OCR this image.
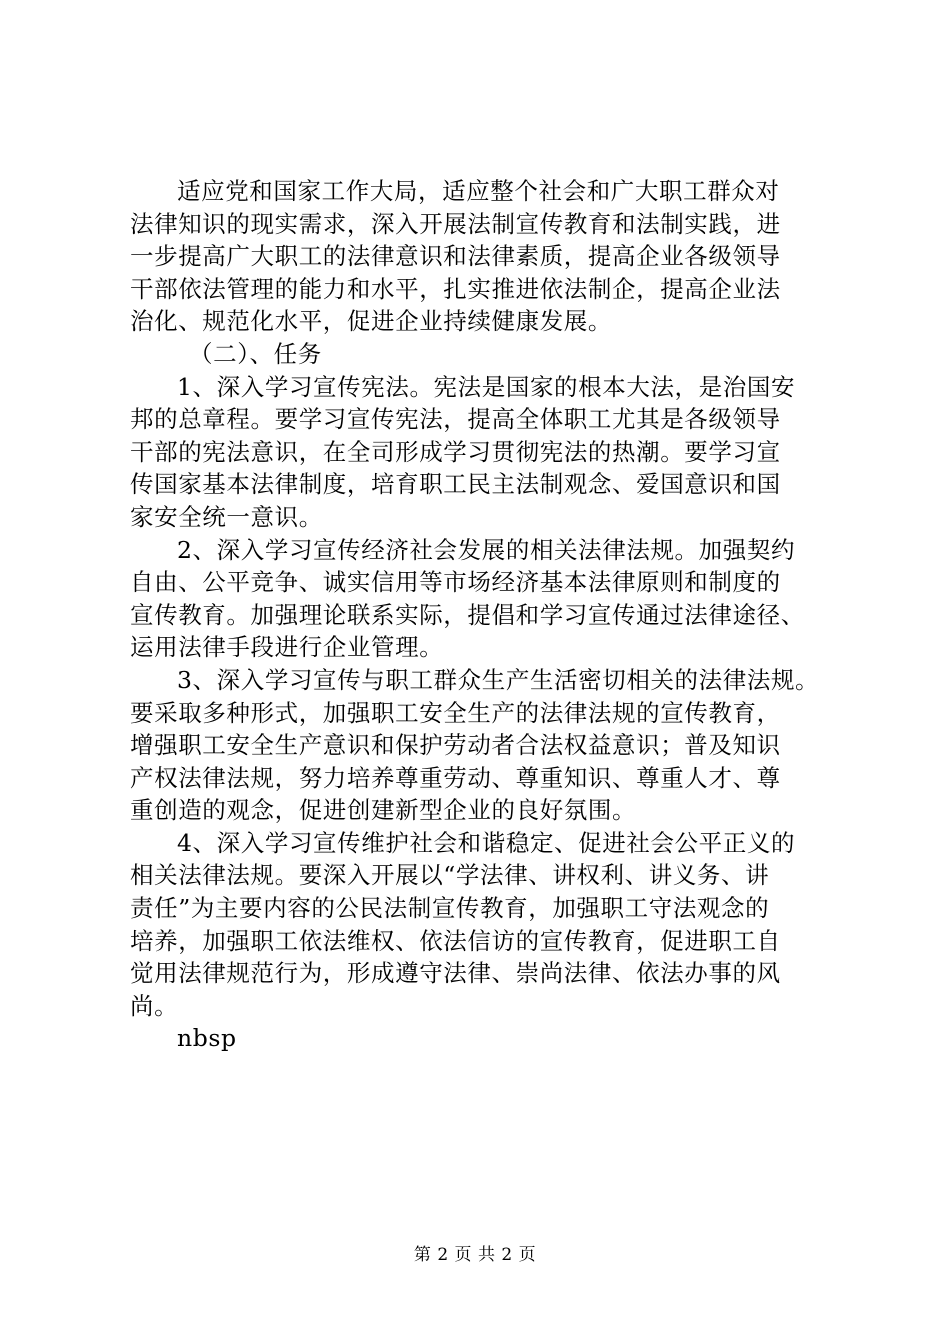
适应党和国家工作大局，适应整个社会和广大职工群众对
法律知识的现实需求，深入开展法制宣传教育和法制实践，进
一步提高广大职工的法律意识和法律素质，提高企业各级领导
干部依法管理的能力和水平，扎实推进依法制企，提高企业法
治化、规范化水平，促进企业持续健康发展。
（二）、任务
1、深入学习宣传宪法。宪法是国家的根本大法，是治国安
邦的总章程。要学习宣传宪法，提高全体职工尤其是各级领导
干部的宪法意识，在全司形成学习贯彻宪法的热潮。要学习宣
传国家基本法律制度，培育职工民主法制观念、爱国意识和国
家安全统一意识。
2、深入学习宣传经济社会发展的相关法律法规。加强契约
自由、公平竞争、诚实信用等市场经济基本法律原则和制度的
宣传教育。加强理论联系实际，提倡和学习宣传通过法律途径、
运用法律手段进行企业管理。
3、深入学习宣传与职工群众生产生活密切相关的法律法规。
要采取多种形式，加强职工安全生产的法律法规的宣传教育，
增强职工安全生产意识和保护劳动者合法权益意识；普及知识
产权法律法规，努力培养尊重劳动、尊重知识、尊重人才、尊
重创造的观念，促进创建新型企业的良好氛围。
4、深入学习宣传维护社会和谐稳定、促进社会公平正义的
相关法律法规。要深入开展以“学法律、讲权利、讲义务、讲
责任”为主要内容的公民法制宣传教育，加强职工守法观念的
培养，加强职工依法维权、依法信访的宣传教育，促进职工自
觉用法律规范行为，形成遵守法律、崇尚法律、依法办事的风
尚。
nbsp
第 2 页 共 2 页
